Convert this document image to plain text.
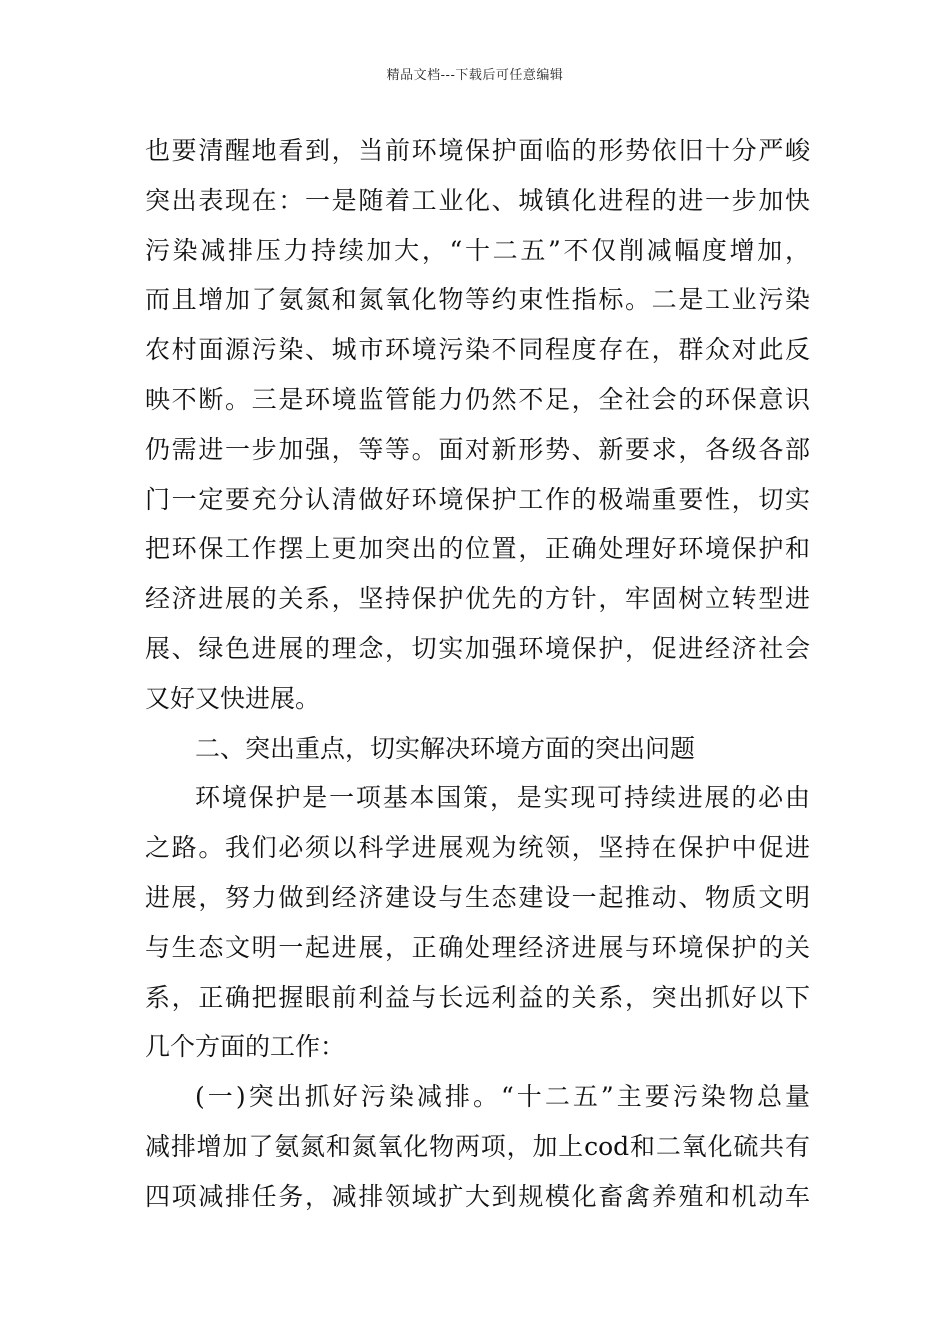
精品文档---下载后可任意编辑
也要清醒地看到，当前环境保护面临的形势依旧十分严峻
突出表现在：一是随着工业化、城镇化进程的进一步加快
污染减排压力持续加大，“十二五”不仅削减幅度增加，
而且增加了氨氮和氮氧化物等约束性指标。二是工业污染
农村面源污染、城市环境污染不同程度存在，群众对此反
映不断。三是环境监管能力仍然不足，全社会的环保意识
仍需进一步加强，等等。面对新形势、新要求，各级各部
门一定要充分认清做好环境保护工作的极端重要性，切实
把环保工作摆上更加突出的位置，正确处理好环境保护和
经济进展的关系，坚持保护优先的方针，牢固树立转型进
展、绿色进展的理念，切实加强环境保护，促进经济社会
又好又快进展。
二、突出重点，切实解决环境方面的突出问题
环境保护是一项基本国策，是实现可持续进展的必由
之路。我们必须以科学进展观为统领，坚持在保护中促进
进展，努力做到经济建设与生态建设一起推动、物质文明
与生态文明一起进展，正确处理经济进展与环境保护的关
系，正确把握眼前利益与长远利益的关系，突出抓好以下
几个方面的工作：
(一)突出抓好污染减排。“十二五”主要污染物总量
减排增加了氨氮和氮氧化物两项，加上cod和二氧化硫共有
四项减排任务，减排领域扩大到规模化畜禽养殖和机动车
